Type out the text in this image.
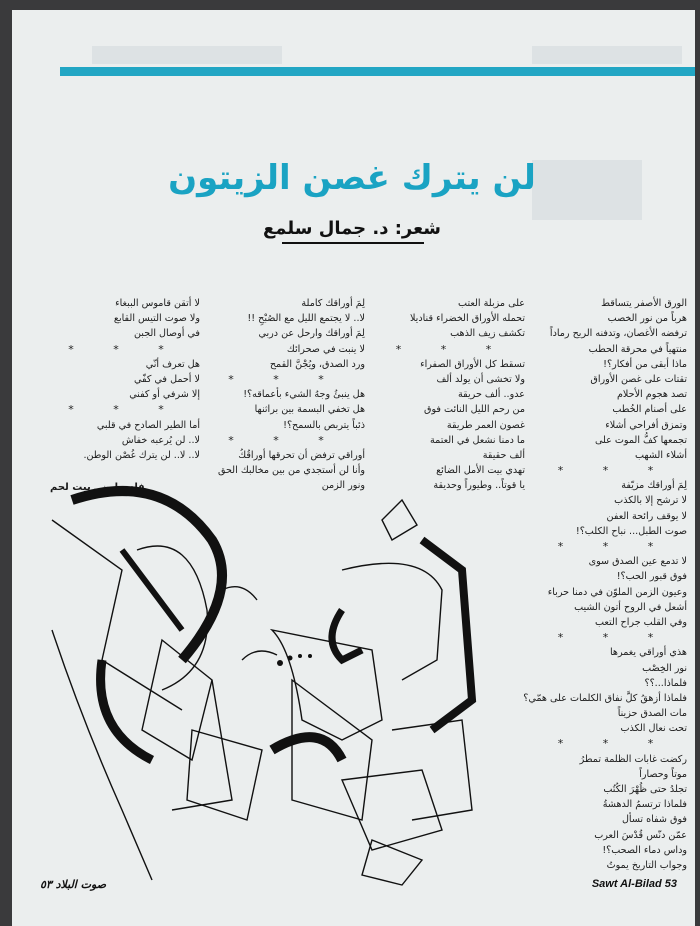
لن يترك غصن الزيتون
شعر: د. جمال سلمع
الورق الأصفر يتساقط
هرباً من نور الخصب
ترفضه الأغصان، وتدفنه الريح رماداً
منتهياً في محرقة الحطب
ماذا أبقى من أفكار؟!
تقتات على غصن الأوراق
تصد هجوم الأحلام
على أصنام الخُطب
وتمزق أفراحي أشلاء
تجمعها كفُّ الموت على
أشلاء الشهب
* * *
لِمَ أوراقك مزيّفة
لا ترشح إلا بالكذب
لا يوقف رائحة العفن
صوت الطبل... نباح الكلب؟!
* * *
لا تدمع عين الصدق سوى
فوق قبور الحب؟!
وعيون الزمن الملوّن في دمنا حرباء
أشعل في الروح أتون الشيب
وفي القلب جراح التعب
* * *
هذي أوراقي يغمرها
نور الخِصْب
فلماذا...؟؟
فلماذا أزهقُ كلَّ نفاق الكلمات على همّي؟
مات الصدق حزيناً
تحت نعال الكذب
* * *
ركضت غابات الظلمة تمطرُ
موتاً وحصاراً
تجلدُ حتى ظُهْرَ الكُتُب
فلماذا ترتسمُ الدهشةُ
فوق شفاه تسأل
عمّن دنّس قُدْسَ العرب
وداس دماء الصحب؟!
وجواب التاريخ يموتُ
على مزبلة العتب
تحمله الأوراق الخضراء قناديلا
تكشف زيف الذهب
* * *
تسقط كل الأوراق الصفراء
ولا تخشى أن يولد ألف
عدو.. ألف حريقة
من رحم الليل النائت فوق
غصون العمر طريقة
ما دمنا نشعل في العتمة
ألف حقيقة
تهدي بيت الأمل الضائع
يا قوتاً.. وطيوراً وحديقة
لِمَ أوراقك كاملة
لا.. لا يجتمع الليل مع الصُبْحِ !!
لِمَ أوراقك وارحل عن دربي
لا ينبت في صحرائك
ورد الصدق، ويُجْنَّ القمح
* * *
هل ينبئُ وجهُ الشيء بأعماقه؟!
هل تخفي البسمة بين براثنها
ذئباً يتربص بالسمح؟!
* * *
أوراقي ترفض أن تحرقها أوراقُكُ
وأنا لن أستجدي من بين مخالبك الحق
ونور الزمن
لا أتقن قاموس الببغاء
ولا صوت التيس القابع
في أوصال الجبن
* * *
هل تعرف أنّي
لا أحمل في كفّي
إلا شرفي أو كفني
* * *
أما الطير الصادح في قلبي
لا.. لن يُرعبه خفاش
لا.. لا.. لن يترك غُصْن الوطن.
فلسطين ـ بيت لحم
صوت البلاد ٥٣	Sawt Al-Bilad 53
